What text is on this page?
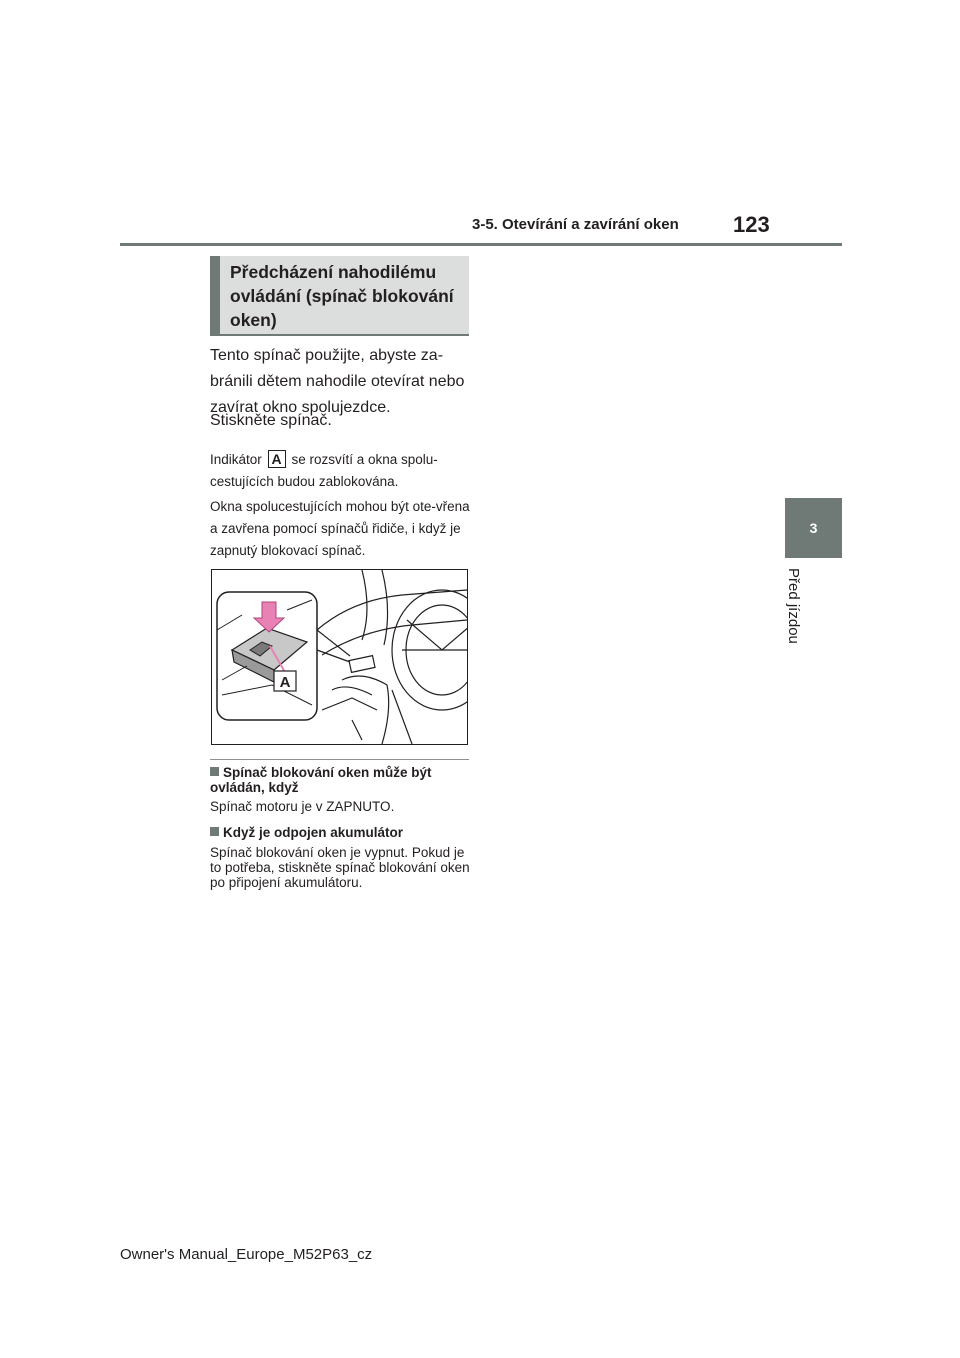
3-5. Otevírání a zavírání oken 123
3
Před jízdou
Předcházení nahodilému ovládání (spínač blokování oken)
Tento spínač použijte, abyste za-bránili dětem nahodile otevírat nebo zavírat okno spolujezdce.
Stiskněte spínač.
Indikátor A se rozsvítí a okna spolu-cestujících budou zablokována.
Okna spolucestujících mohou být ote-vřena a zavřena pomocí spínačů řidiče, i když je zapnutý blokovací spínač.
A
Spínač blokování oken může být ovládán, když
Spínač motoru je v ZAPNUTO.
Když je odpojen akumulátor
Spínač blokování oken je vypnut. Pokud je to potřeba, stiskněte spínač blokování oken po připojení akumulátoru.
Owner's Manual_Europe_M52P63_cz
